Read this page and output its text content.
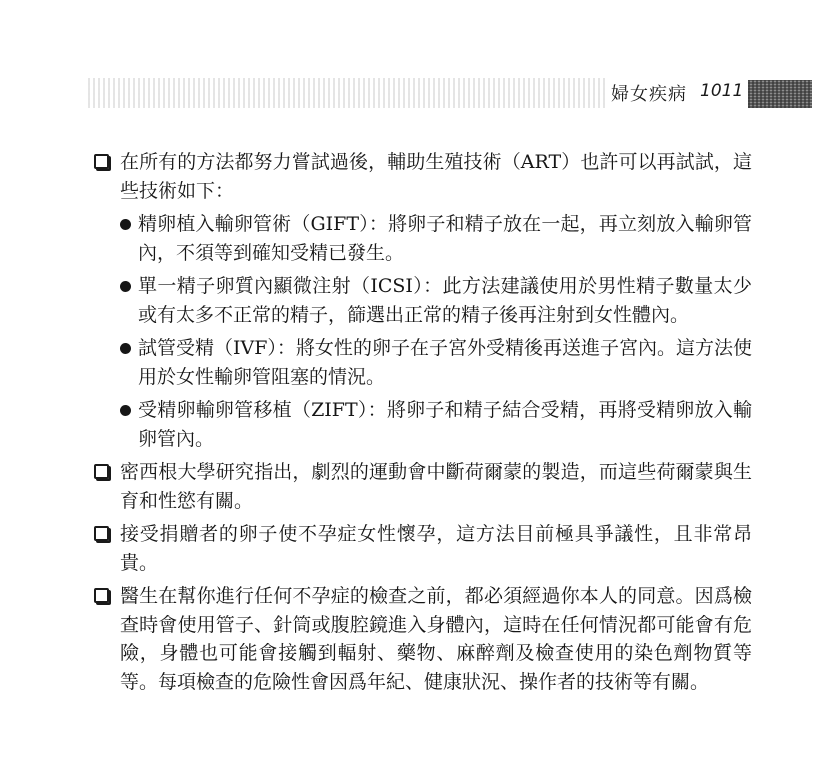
婦女疾病 1011
在所有的方法都努力嘗試過後，輔助生殖技術（ART）也許可以再試試，這些技術如下：
精卵植入輸卵管術（GIFT）：將卵子和精子放在一起，再立刻放入輸卵管內，不須等到確知受精已發生。
單一精子卵質內顯微注射（ICSI）：此方法建議使用於男性精子數量太少或有太多不正常的精子，篩選出正常的精子後再注射到女性體內。
試管受精（IVF）：將女性的卵子在子宮外受精後再送進子宮內。這方法使用於女性輸卵管阻塞的情況。
受精卵輸卵管移植（ZIFT）：將卵子和精子結合受精，再將受精卵放入輸卵管內。
密西根大學研究指出，劇烈的運動會中斷荷爾蒙的製造，而這些荷爾蒙與生育和性慾有關。
接受捐贈者的卵子使不孕症女性懷孕，這方法目前極具爭議性，且非常昂貴。
醫生在幫你進行任何不孕症的檢查之前，都必須經過你本人的同意。因爲檢查時會使用管子、針筒或腹腔鏡進入身體內，這時在任何情況都可能會有危險，身體也可能會接觸到輻射、藥物、麻醉劑及檢查使用的染色劑物質等等。每項檢查的危險性會因爲年紀、健康狀況、操作者的技術等有關。
